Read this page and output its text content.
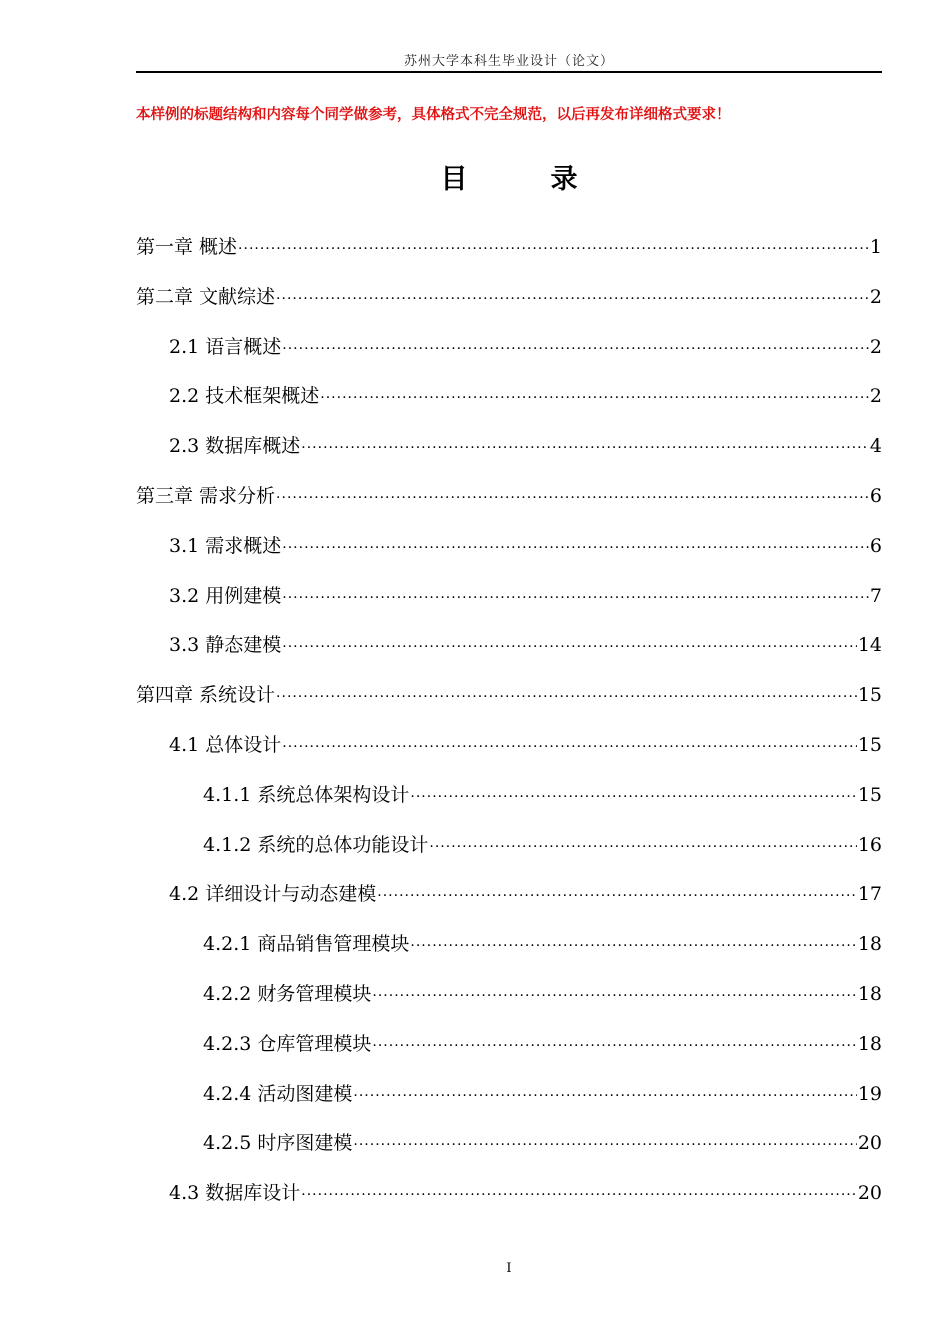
苏州大学本科生毕业设计（论文）
本样例的标题结构和内容每个同学做参考，具体格式不完全规范，以后再发布详细格式要求！
目　录
第一章 概述 ·····	1
第二章 文献综述 ·····	2
2.1 语言概述 ·····	2
2.2 技术框架概述 ·····	2
2.3 数据库概述 ·····	4
第三章 需求分析 ·····	6
3.1 需求概述 ·····	6
3.2 用例建模 ·····	7
3.3 静态建模 ·····	14
第四章 系统设计 ·····	15
4.1 总体设计 ·····	15
4.1.1 系统总体架构设计 ·····	15
4.1.2 系统的总体功能设计 ·····	16
4.2 详细设计与动态建模 ·····	17
4.2.1 商品销售管理模块 ·····	18
4.2.2 财务管理模块 ·····	18
4.2.3 仓库管理模块 ·····	18
4.2.4 活动图建模 ·····	19
4.2.5 时序图建模 ·····	20
4.3 数据库设计 ·····	20
I
